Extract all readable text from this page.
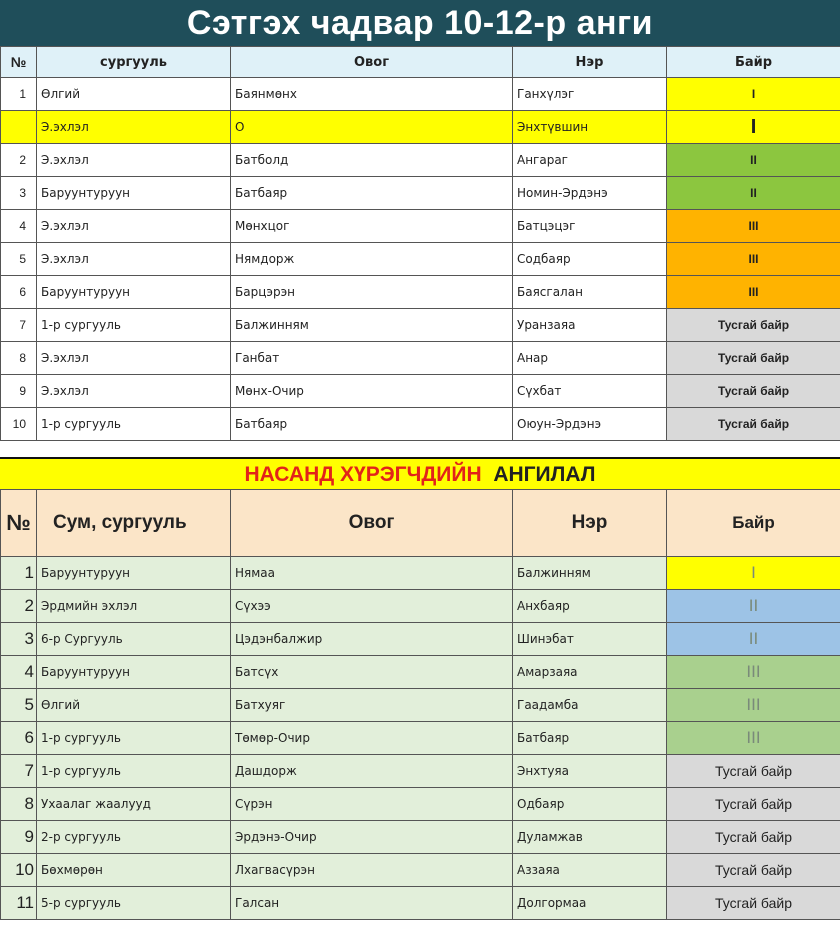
Сэтгэх чадвар 10-12-р анги
№	сургууль	Овог	Нэр	Байр
1	Өлгий	Баянмөнх	Ганхүлэг	I
	Э.эхлэл	О	Энхтүвшин	I
2	Э.эхлэл	Батболд	Ангараг	II
3	Баруунтуруун	Батбаяр	Номин-Эрдэнэ	II
4	Э.эхлэл	Мөнхцог	Батцэцэг	III
5	Э.эхлэл	Нямдорж	Содбаяр	III
6	Баруунтуруун	Барцэрэн	Баясгалан	III
7	1-р сургууль	Балжинням	Уранзаяа	Тусгай байр
8	Э.эхлэл	Ганбат	Анар	Тусгай байр
9	Э.эхлэл	Мөнх-Очир	Сүхбат	Тусгай байр
10	1-р сургууль	Батбаяр	Оюун-Эрдэнэ	Тусгай байр
НАСАНД ХҮРЭГЧДИЙН АНГИЛАЛ
№	Сум, сургууль	Овог	Нэр	Байр
1	Баруунтуруун	Нямаа	Балжинням	I
2	Эрдмийн эхлэл	Сүхээ	Анхбаяр	II
3	6-р Сургууль	Цэдэнбалжир	Шинэбат	II
4	Баруунтуруун	Батсүх	Амарзаяа	III
5	Өлгий	Батхуяг	Гаадамба	III
6	1-р сургууль	Төмөр-Очир	Батбаяр	III
7	1-р сургууль	Дашдорж	Энхтуяа	Тусгай байр
8	Ухаалаг жаалууд	Сүрэн	Одбаяр	Тусгай байр
9	2-р сургууль	Эрдэнэ-Очир	Дуламжав	Тусгай байр
10	Бөхмөрөн	Лхагвасүрэн	Аззаяа	Тусгай байр
11	5-р сургууль	Галсан	Долгормаа	Тусгай байр
